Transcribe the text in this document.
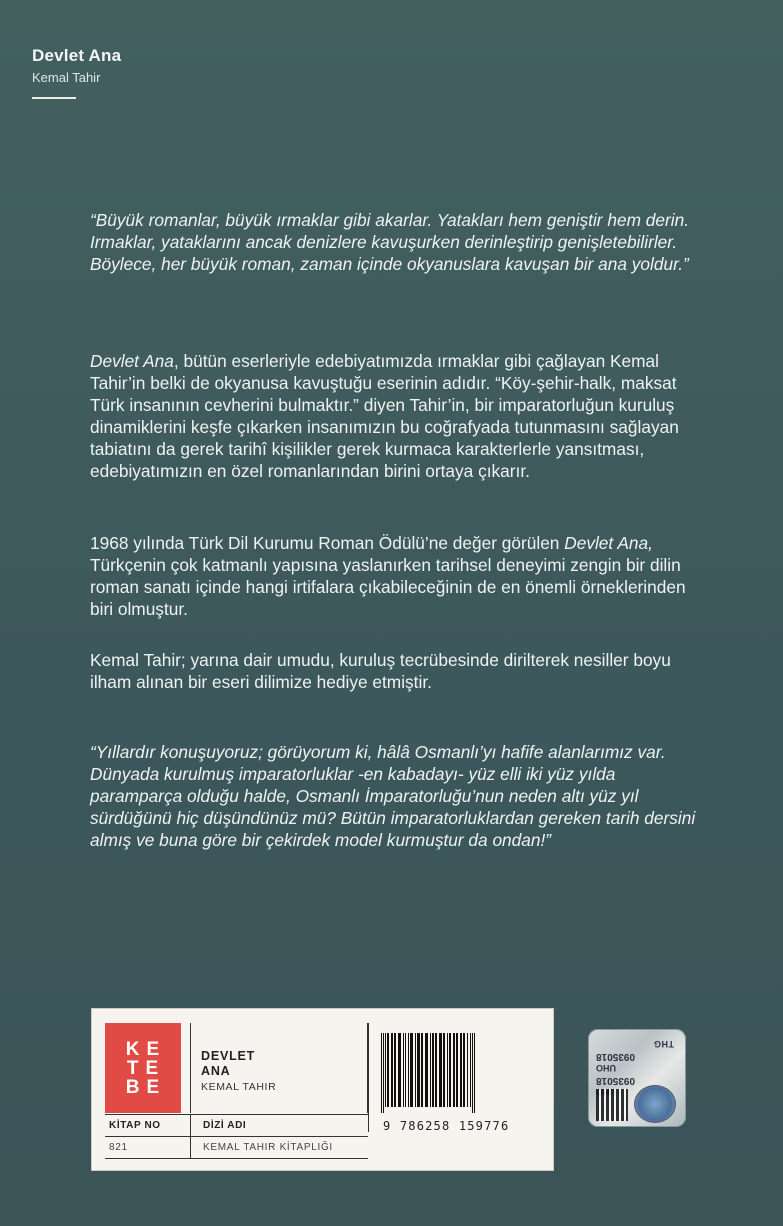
Devlet Ana
Kemal Tahir

“Büyük romanlar, büyük ırmaklar gibi akarlar. Yatakları hem geniştir hem derin. Irmaklar, yataklarını ancak denizlere kavuşurken derinleştirip genişletebilirler. Böylece, her büyük roman, zaman içinde okyanuslara kavuşan bir ana yoldur.”

Devlet Ana, bütün eserleriyle edebiyatımızda ırmaklar gibi çağlayan Kemal Tahir’in belki de okyanusa kavuştuğu eserinin adıdır. “Köy-şehir-halk, maksat Türk insanının cevherini bulmaktır.” diyen Tahir’in, bir imparatorluğun kuruluş dinamiklerini keşfe çıkarken insanımızın bu coğrafyada tutunmasını sağlayan tabiatını da gerek tarihî kişilikler gerek kurmaca karakterlerle yansıtması, edebiyatımızın en özel romanlarından birini ortaya çıkarır.

1968 yılında Türk Dil Kurumu Roman Ödülü’ne değer görülen Devlet Ana, Türkçenin çok katmanlı yapısına yaslanırken tarihsel deneyimi zengin bir dilin roman sanatı içinde hangi irtifalara çıkabileceğinin de en önemli örneklerinden biri olmuştur.

Kemal Tahir; yarına dair umudu, kuruluş tecrübesinde dirilterek nesiller boyu ilham alınan bir eseri dilimize hediye etmiştir.

“Yıllardır konuşuyoruz; görüyorum ki, hâlâ Osmanlı’yı hafife alanlarımız var. Dünyada kurulmuş imparatorluklar -en kabadayı- yüz elli iki yüz yılda paramparça olduğu halde, Osmanlı İmparatorluğu’nun neden altı yüz yıl sürdüğünü hiç düşündünüz mü? Bütün imparatorluklardan gereken tarih dersini almış ve buna göre bir çekirdek model kurmuştur da ondan!”

KE
TE
BE
DEVLET
ANA
KEMAL TAHIR
KİTAP NO	DİZİ ADI
821	KEMAL TAHIR KİTAPLIĞI
9 786258 159776
THG
0935018
UHO
0935018
